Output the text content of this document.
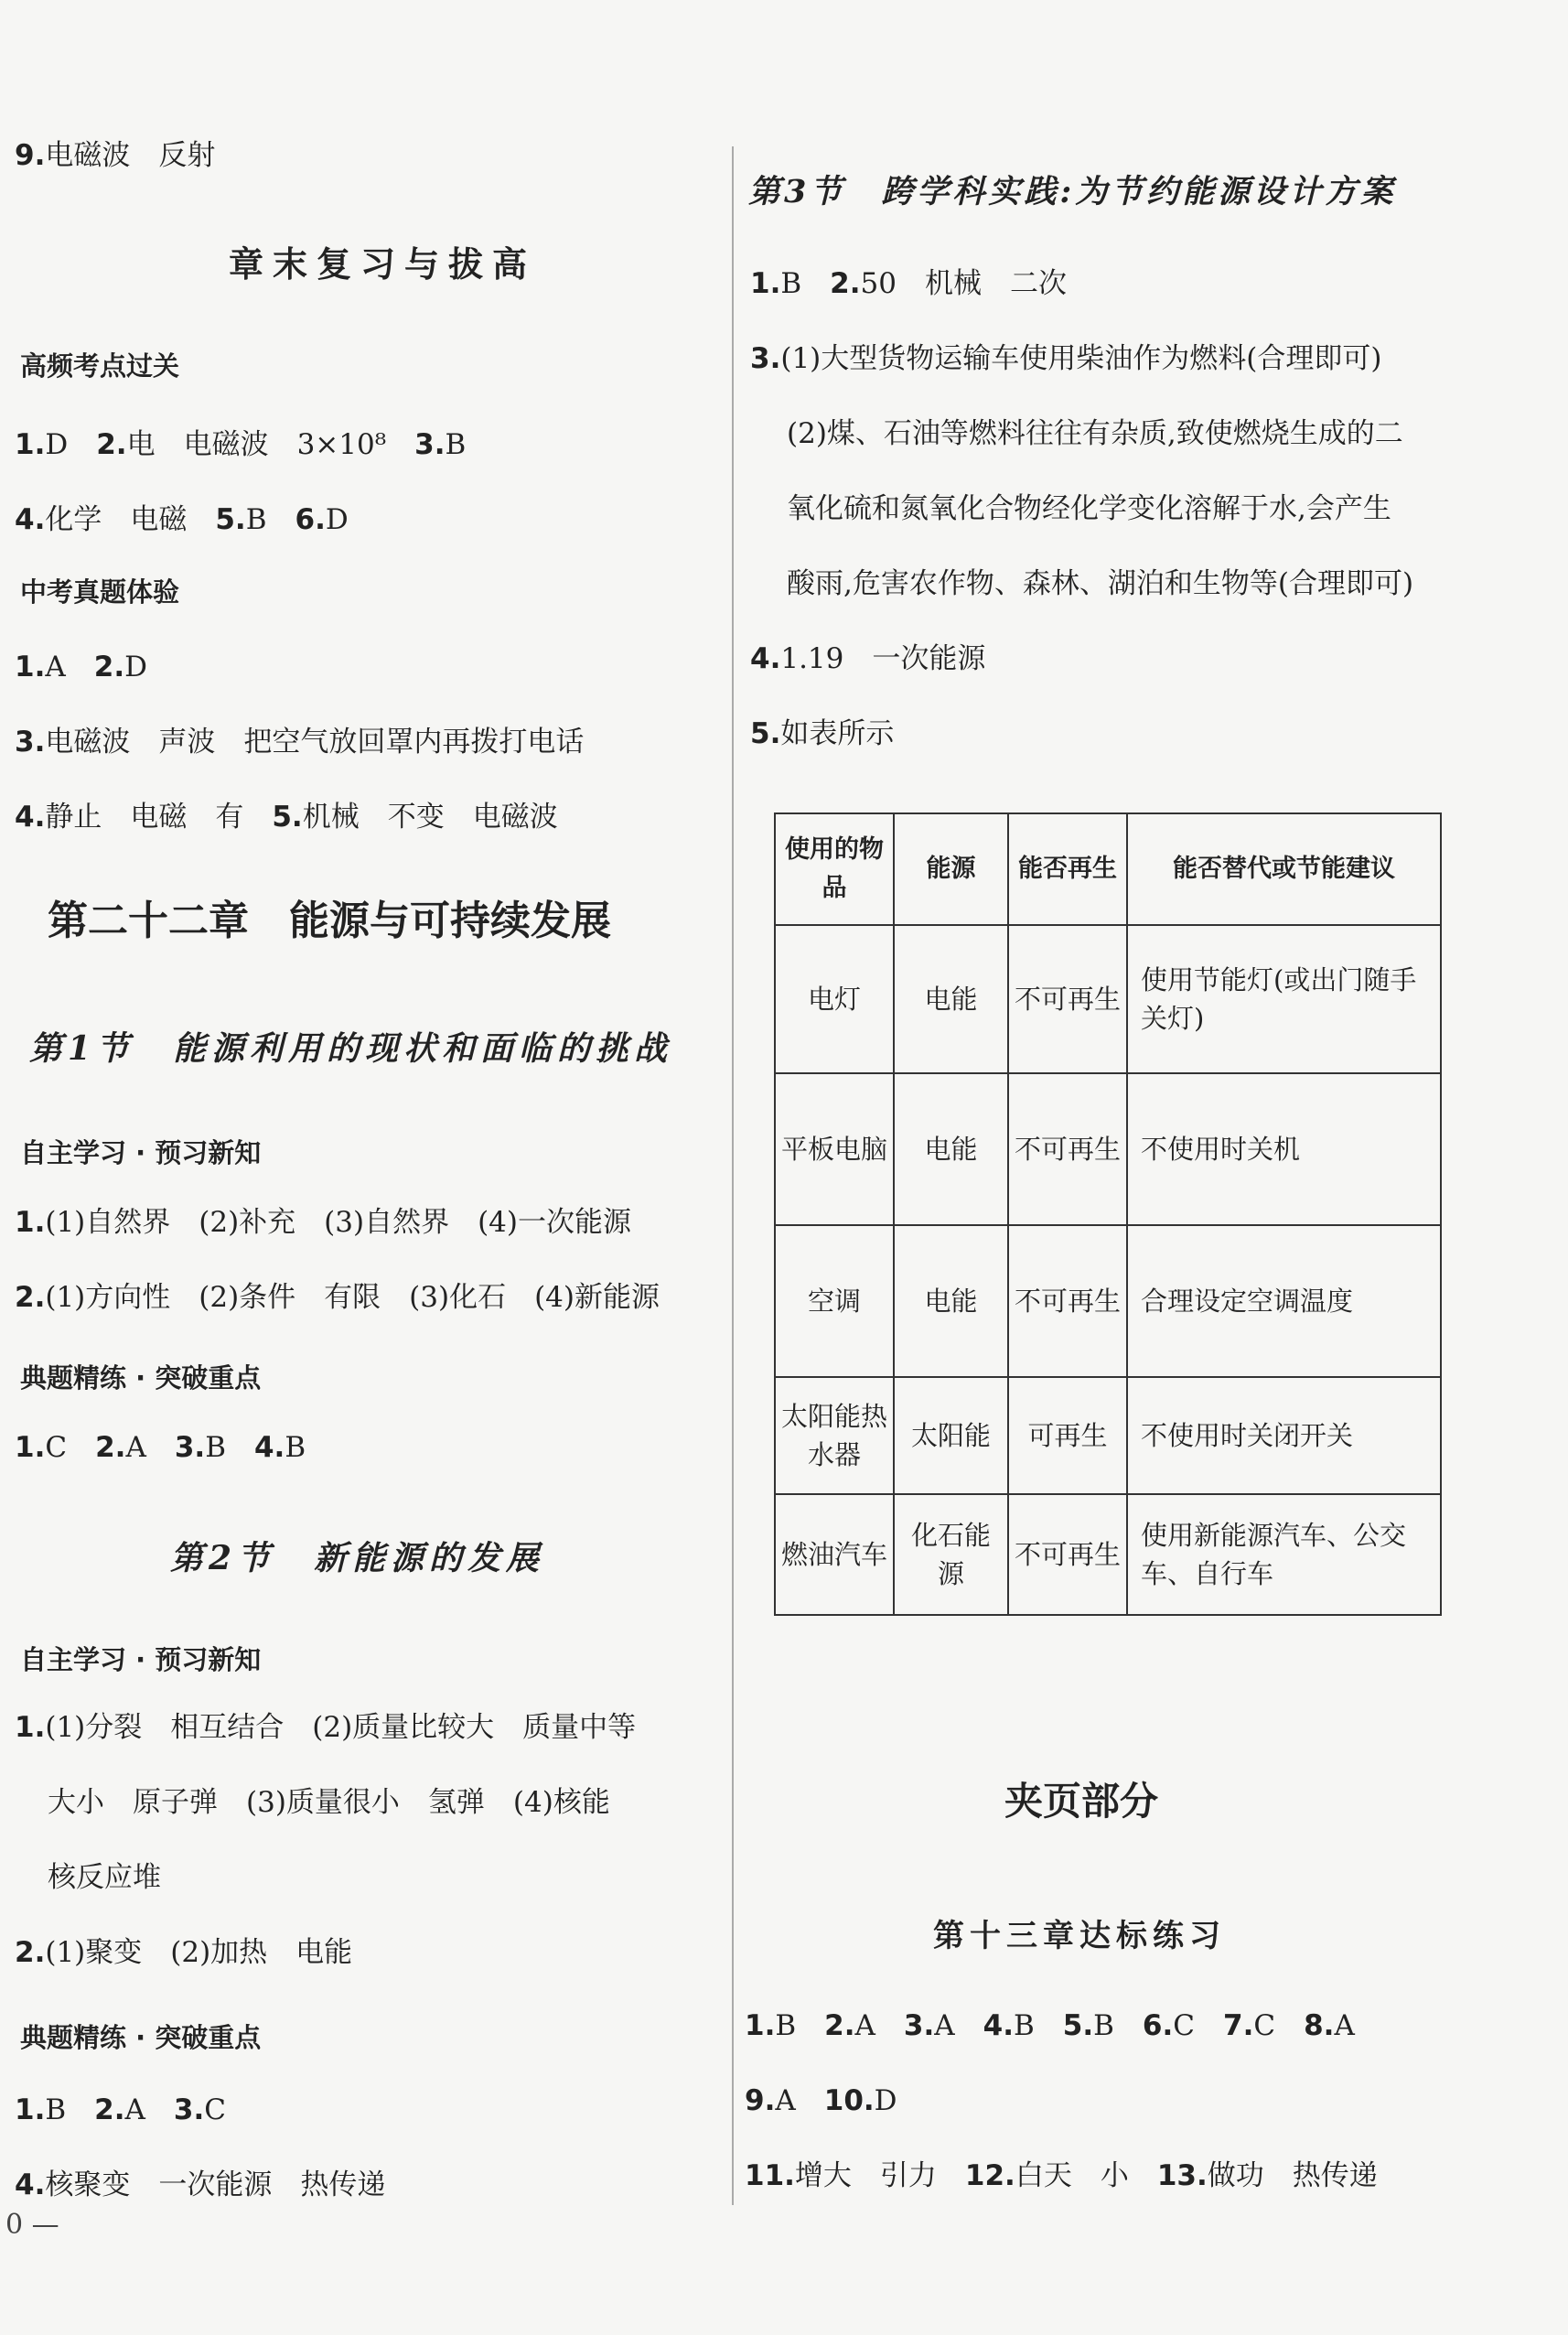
9.电磁波　反射
章末复习与拔高
高频考点过关
1.D　2.电　电磁波　3×10⁸　3.B
4.化学　电磁　5.B　6.D
中考真题体验
1.A　2.D
3.电磁波　声波　把空气放回罩内再拨打电话
4.静止　电磁　有　5.机械　不变　电磁波
第二十二章　能源与可持续发展
第1节　能源利用的现状和面临的挑战
自主学习 · 预习新知
1.(1)自然界　(2)补充　(3)自然界　(4)一次能源
2.(1)方向性　(2)条件　有限　(3)化石　(4)新能源
典题精练 · 突破重点
1.C　2.A　3.B　4.B
第2节　新能源的发展
自主学习 · 预习新知
1.(1)分裂　相互结合　(2)质量比较大　质量中等
大小　原子弹　(3)质量很小　氢弹　(4)核能
核反应堆
2.(1)聚变　(2)加热　电能
典题精练 · 突破重点
1.B　2.A　3.C
4.核聚变　一次能源　热传递
0 —
第3节　跨学科实践:为节约能源设计方案
1.B　2.50　机械　二次
3.(1)大型货物运输车使用柴油作为燃料(合理即可)
(2)煤、石油等燃料往往有杂质,致使燃烧生成的二
氧化硫和氮氧化合物经化学变化溶解于水,会产生
酸雨,危害农作物、森林、湖泊和生物等(合理即可)
4.1.19　一次能源
5.如表所示
使用的物品	能源	能否再生	能否替代或节能建议
电灯	电能	不可再生	使用节能灯(或出门随手关灯)
平板电脑	电能	不可再生	不使用时关机
空调	电能	不可再生	合理设定空调温度
太阳能热水器	太阳能	可再生	不使用时关闭开关
燃油汽车	化石能源	不可再生	使用新能源汽车、公交车、自行车
夹页部分
第十三章达标练习
1.B　2.A　3.A　4.B　5.B　6.C　7.C　8.A
9.A　10.D
11.增大　引力　12.白天　小　13.做功　热传递
